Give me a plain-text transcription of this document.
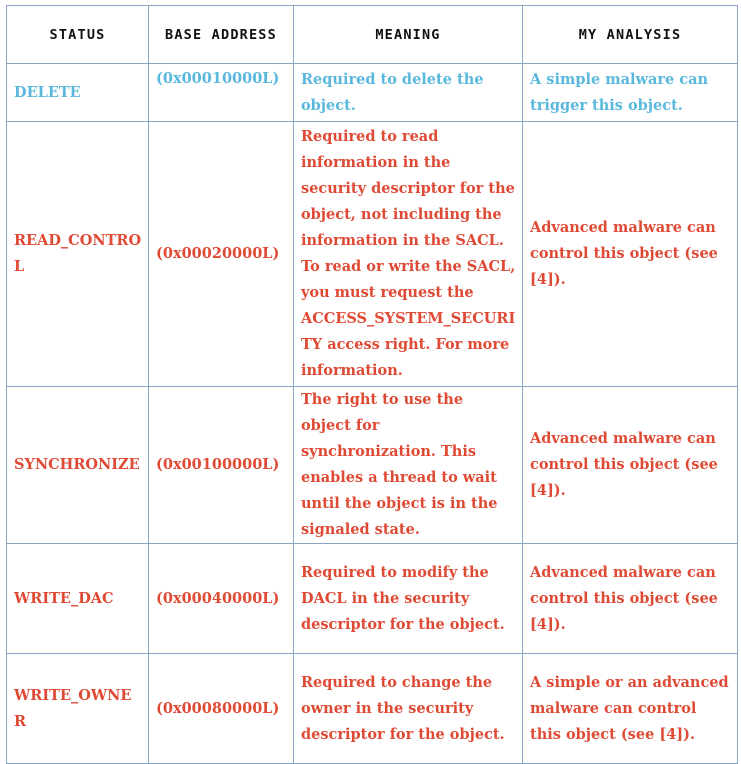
STATUS	BASE ADDRESS	MEANING	MY ANALYSIS
DELETE	(0x00010000L)	Required to delete the object.	A simple malware can trigger this object.
READ_CONTROL	(0x00020000L)	Required to read information in the security descriptor for the object, not including the information in the SACL. To read or write the SACL, you must request the ACCESS_SYSTEM_SECURITY access right. For more information.	Advanced malware can control this object (see [4]).
SYNCHRONIZE	(0x00100000L)	The right to use the object for synchronization. This enables a thread to wait until the object is in the signaled state.	Advanced malware can control this object (see [4]).
WRITE_DAC	(0x00040000L)	Required to modify the DACL in the security descriptor for the object.	Advanced malware can control this object (see [4]).
WRITE_OWNER	(0x00080000L)	Required to change the owner in the security descriptor for the object.	A simple or an advanced malware can control this object (see [4]).
